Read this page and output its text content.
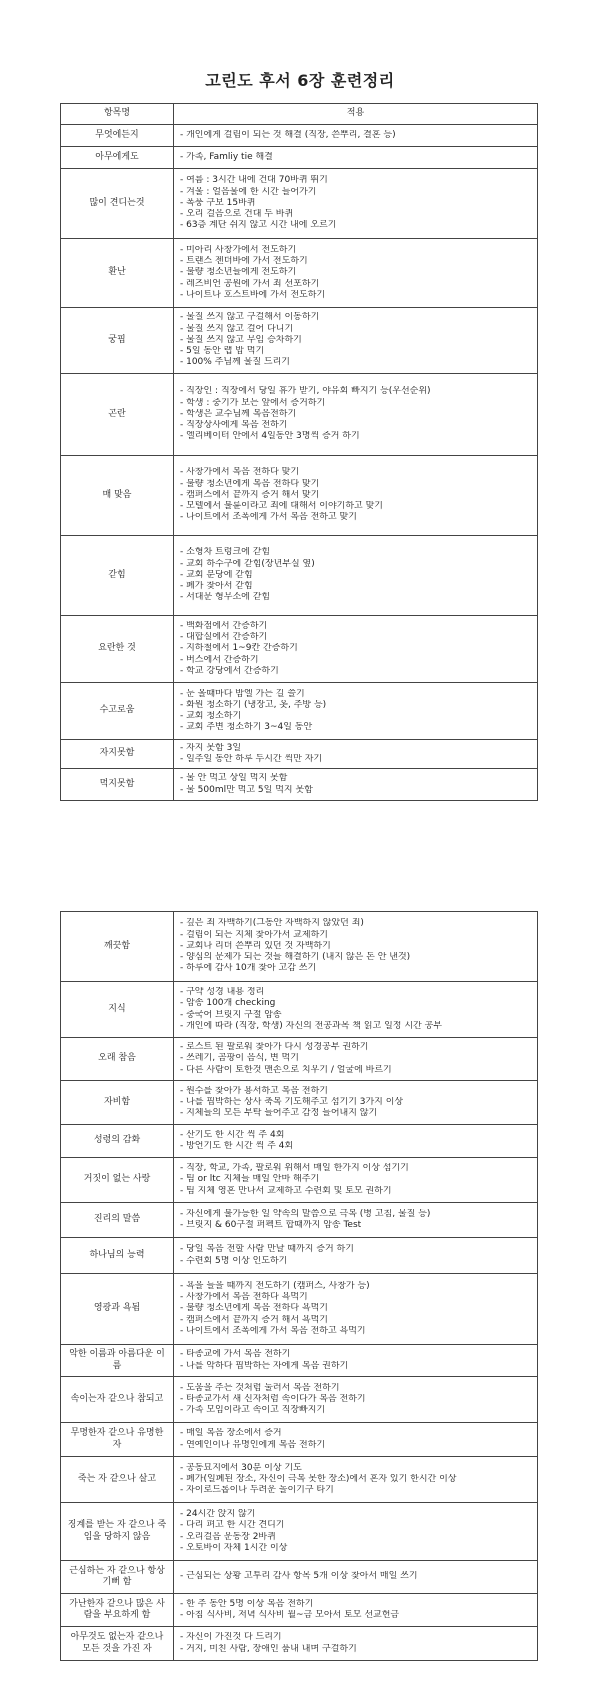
고린도 후서 6장 훈련정리
항목명	적용
무엇에든지	- 개인에게 걸림이 되는 것 해결 (직장, 쓴뿌리, 결혼 등)

아무에게도	- 가족, Famliy tie 해결

많이 견디는것	- 여름 : 3시간 내에 건대 70바퀴 뛰기
- 겨울 : 얼음물에 한 시간 들어가기
- 폭풍 구보 15바퀴
- 오리 걸음으로 건대 두 바퀴
- 63층 계단 쉬지 않고 시간 내에 오르기

환난	- 미아리 사창가에서 전도하기
- 트랜스 젠더바에 가서 전도하기
- 불량 청소년들에게 전도하기
- 레즈비언 공원에 가서 죄 선포하기
- 나이트나 호스트바에 가서 전도하기

궁핍	- 물질 쓰지 않고 구걸해서 이동하기
- 물질 쓰지 않고 걸어 다니기
- 물질 쓰지 않고 무임 승차하기
- 5일 동안 랩 밥 먹기
- 100% 주님께 물질 드리기

곤란	- 직장인 : 직장에서 당일 휴가 받기, 야유회 빠지기 등(우선순위)
- 학생 : 중기가 보는 앞에서 증거하기
- 학생은 교수님께 복음전하기
- 직장상사에게 복음 전하기
- 엘리베이터 안에서 4일동안 3명씩 증거 하기

매 맞음	- 사창가에서 복음 전하다 맞기
- 불량 청소년에게 복음 전하다 맞기
- 캠퍼스에서 끝까지 증거 해서 맞기
- 모텔에서 불륜이라고 죄에 대해서 이야기하고 맞기
- 나이트에서 조폭에게 가서 복음 전하고 맞기

갇힘	- 소형차 트렁크에 갇힘
- 교회 하수구에 갇힘(장년부실 옆)
- 교회 분당에 갇힘
- 폐가 찾아서 갇힘
- 서대문 형무소에 갇힘

요란한 것	- 백화점에서 간증하기
- 대합실에서 간증하기
- 지하철에서 1~9칸 간증하기
- 버스에서 간증하기
- 학교 강당에서 간증하기

수고로움	- 눈 올때마다 밤엘 가는 길 쓸기
- 화원 청소하기 (냉장고, 옷, 주방 등)
- 교회 청소하기
- 교회 주변 청소하기 3~4일 동안

자지못함	- 자지 못함 3일
- 일주일 동안 하루 두시간 씩만 자기

먹지못함	- 물 안 먹고 상일 먹지 못함
- 물 500ml만 먹고 5일 먹지 못함
깨끗함	- 깊은 죄 자백하기(그동안 자백하지 않았던 죄)
- 걸림이 되는 지체 찾아가서 교제하기
- 교회나 리더 쓴뿌리 있던 것 자백하기
- 양심의 문제가 되는 것들 해결하기 (내지 않은 돈 안 낸것)
- 하루에 감사 10개 찾아 고감 쓰기

지식	- 구약 성경 내용 정리
- 암송 100개 checking
- 중국어 브릿지 구절 암송
- 개인에 따라 (직장, 학생) 자신의 전공과목 책 읽고 일정 시간 공부

오래 참음	- 로스트 된 팔로워 찾아가 다시 성경공부 권하기
- 쓰레기, 곰팡이 음식, 변 먹기
- 다른 사람이 토한것 맨손으로 치우기 / 얼굴에 바르기

자비함	- 원수를 찾아가 용서하고 복음 전하기
- 나를 핍박하는 상사 축복 기도해주고 섬기기 3가지 이상
- 지체들의 모든 부탁 들어주고 감정 들어내지 않기

성령의 감화	- 산기도 한 시간 씩 주 4회
- 방언기도 한 시간 씩 주 4회

거짓이 없는 사랑	- 직장, 학교, 가족, 팔로워 위해서 매일 한가지 이상 섬기기
- 팀 or ltc 지체들 매일 안마 해주기
- 팀 지체 영혼 만나서 교제하고 수련회 및 토모 권하기

진리의 말씀	- 자신에게 불가능한 일 약속의 말씀으로 극복 (병 고침, 물질 등)
- 브릿지 & 60구절 퍼펙트 합때까지 암송 Test

하나님의 능력	- 당일 복음 전할 사람 만날 때까지 증거 하기
- 수련회 5명 이상 인도하기

영광과 욕됨	- 욕을 들을 때까지 전도하기 (캠퍼스, 사창가 등)
- 사창가에서 복음 전하다 욕먹기
- 불량 청소년에게 복음 전하다 욕먹기
- 캠퍼스에서 끝까지 증거 해서 욕먹기
- 나이트에서 조폭에게 가서 복음 전하고 욕먹기

악한 이름과 아름다운 이름	- 타종교에 가서 복음 전하기
- 나를 악하다 핍박하는 자에게 복음 권하기

속이는자 같으나 참되고	- 도움을 주는 것처럼 둘러서 복음 전하기
- 타종교가서 새 신자처럼 속이다가 복음 전하기
- 가족 모임이라고 속이고 직장빠지기

무명한자 같으나 유명한 자	- 매일 복음 장소에서 증거
- 연예인이나 유명인에게 복음 전하기

죽는 자 같으나 살고	- 공동묘지에서 30분 이상 기도
- 폐가(일폐된 장소, 자신이 극복 못한 장소)에서 혼자 있기 한시간 이상
- 자이로드롭이나 두려운 놀이기구 타기

징계를 받는 자 같으나 죽임을 당하지 않음	- 24시간 앉지 않기
- 다리 펴고 한 시간 견디기
- 오리걸음 운동장 2바퀴
- 오토바이 자체 1시간 이상

근심하는 자 같으나 항상 기뻐 함	- 근심되는 상황 고투리 감사 항목 5개 이상 찾아서 매일 쓰기

가난한자 같으나 많은 사람을 부요하게 함	- 한 주 동안 5명 이상 복음 전하기
- 아침 식사비, 저녁 식사비 월~금 모아서 토모 선교헌금

아무것도 없는자 같으나 모든 것을 가진 자	- 자신이 가진것 다 드리기
- 거지, 미친 사람, 장애인 품내 내며 구걸하기
